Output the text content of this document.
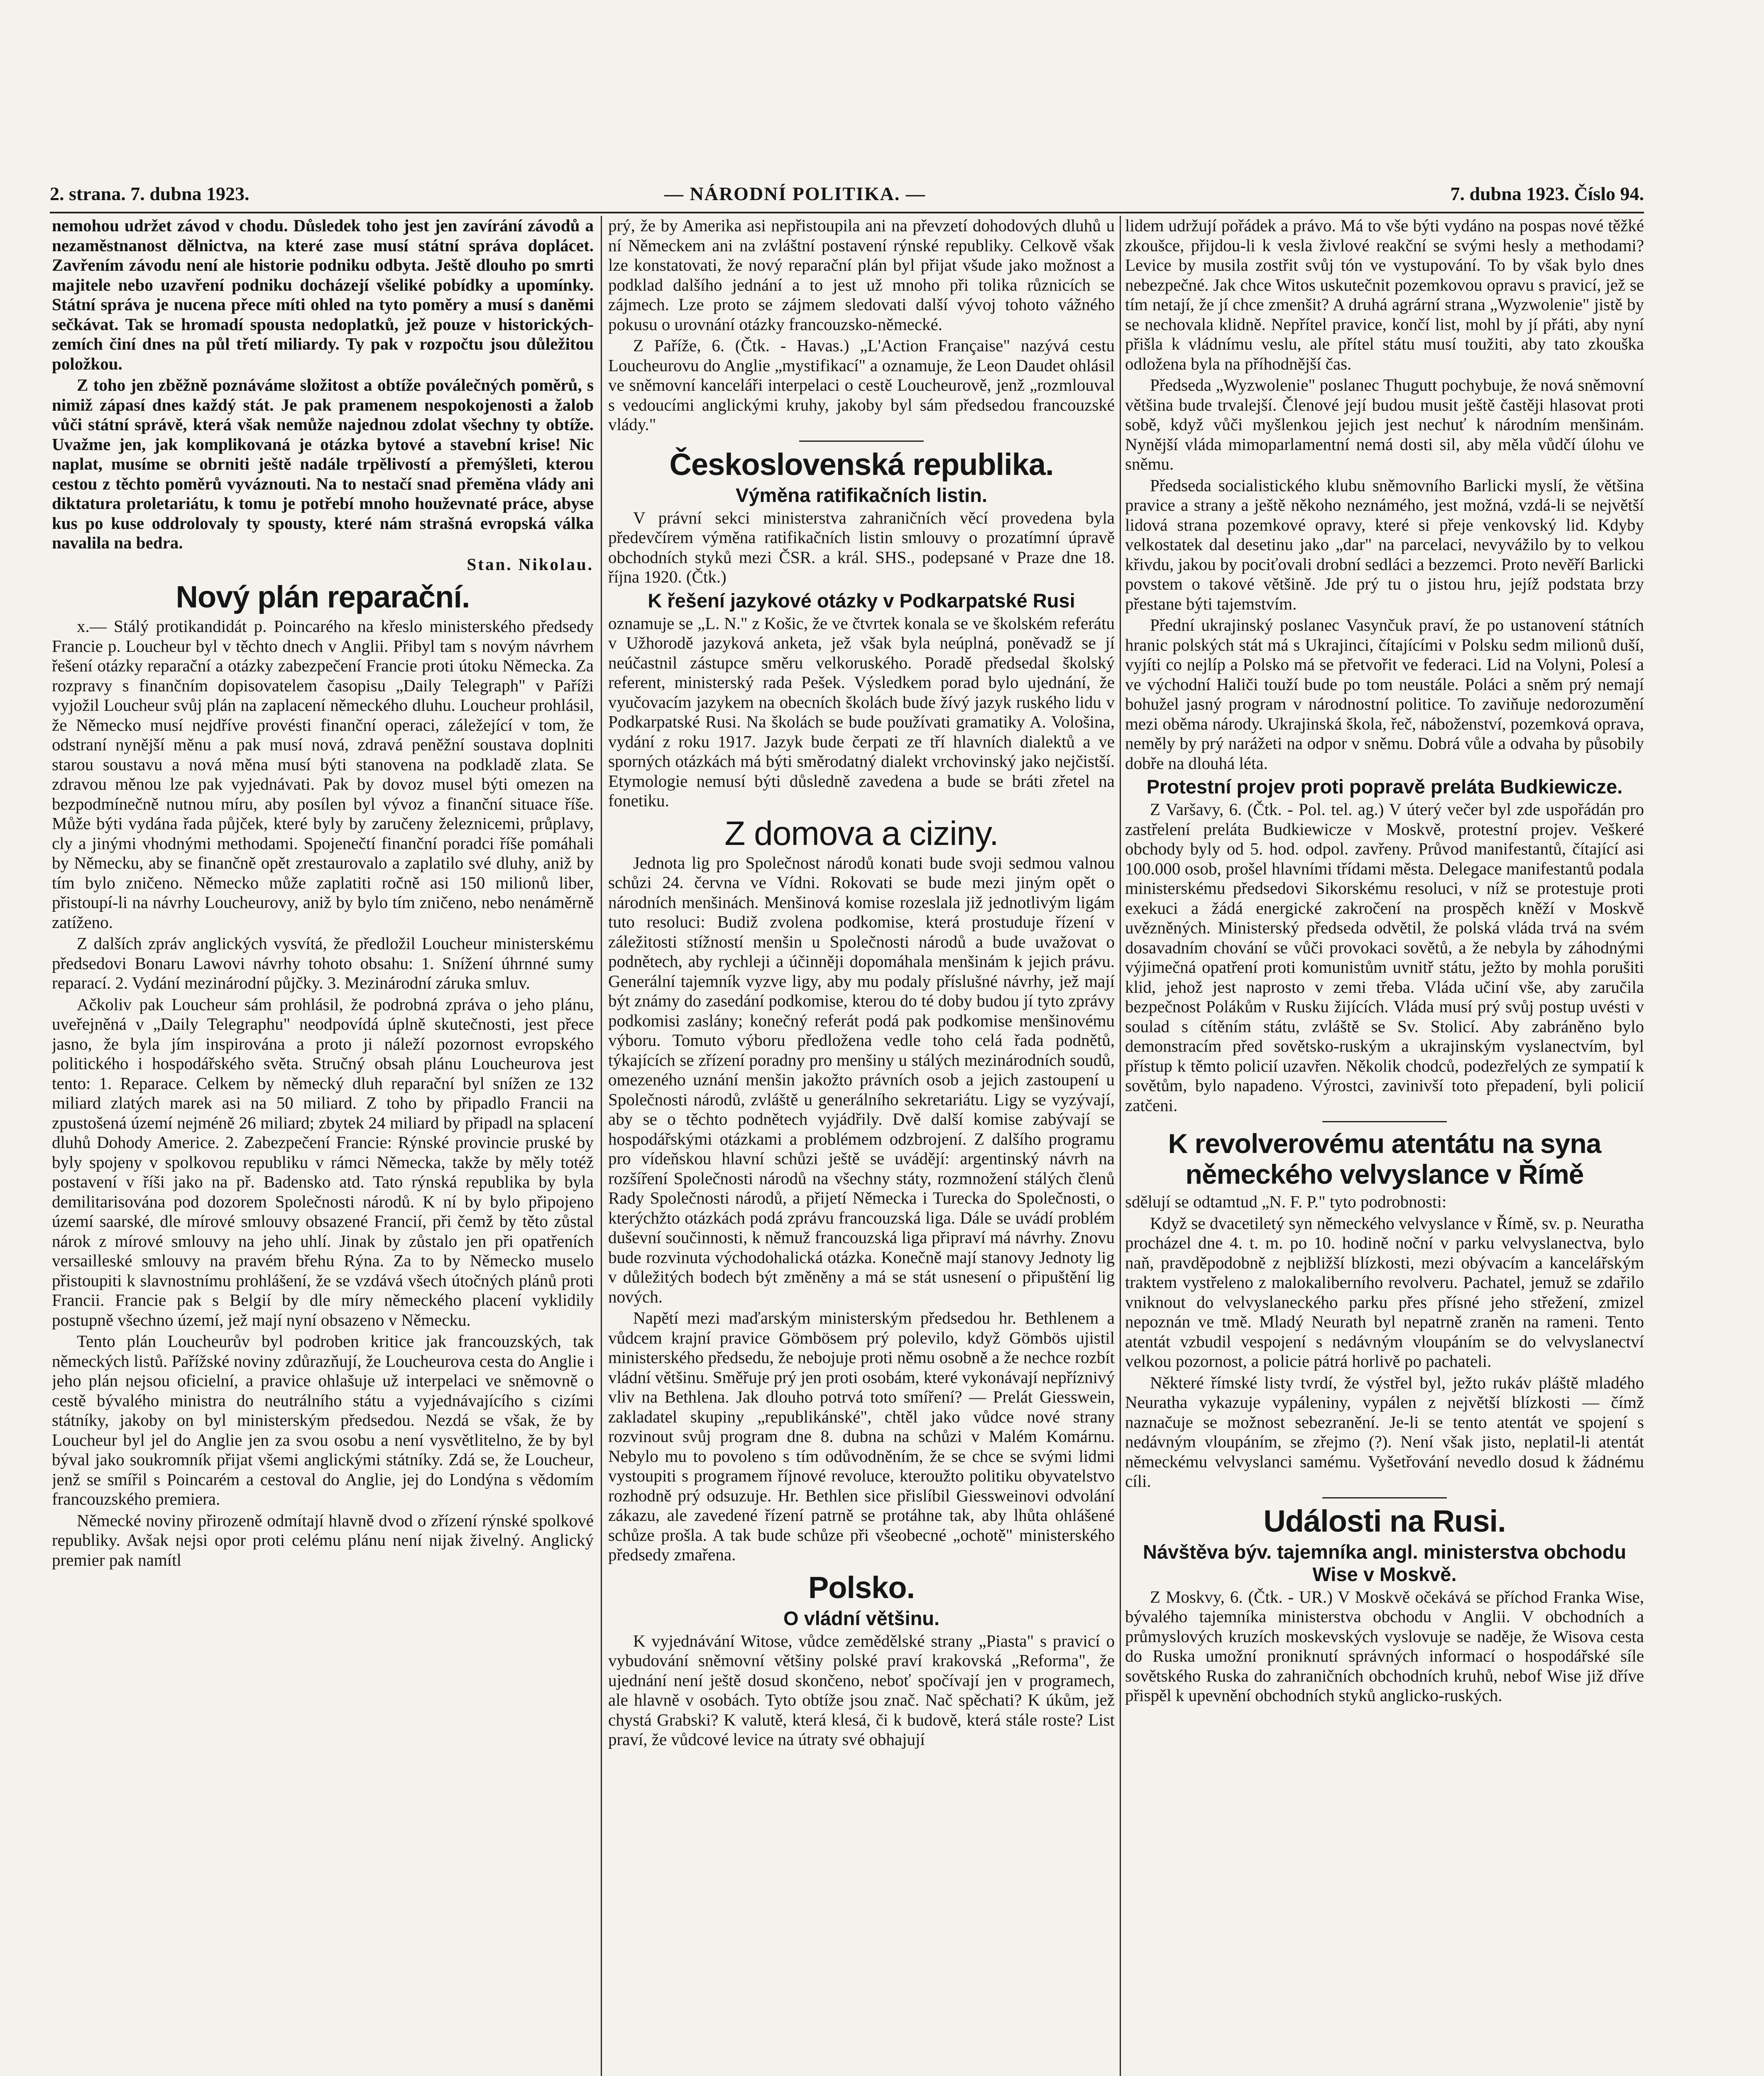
2. strana. 7. dubna 1923.	— NÁRODNÍ POLITIKA. —	7. dubna 1923. Číslo 94.

nemohou udržet závod v chodu. Důsledek toho jest jen zavírání závodů a nezaměstnanost dělnictva, na které zase musí státní správa doplácet. Zavřením závodu není ale historie podniku odbyta. Ještě dlouho po smrti majitele nebo uzavření podniku docházejí všeliké pobídky a upomínky. Státní správa je nucena přece míti ohled na tyto poměry a musí s daněmi sečkávat. Tak se hromadí spousta nedoplatků, jež pouze v historických-zemích činí dnes na půl třetí miliardy. Ty pak v rozpočtu jsou důležitou položkou.

Z toho jen zběžně poznáváme složitost a obtíže poválečných poměrů, s nimiž zápasí dnes každý stát. Je pak pramenem nespokojenosti a žalob vůči státní správě, která však nemůže najednou zdolat všechny ty obtíže. Uvažme jen, jak komplikovaná je otázka bytové a stavební krise! Nic naplat, musíme se obrniti ještě nadále trpělivostí a přemýšleti, kterou cestou z těchto poměrů vyváznouti. Na to nestačí snad přeměna vlády ani diktatura proletariátu, k tomu je potřebí mnoho houževnaté práce, abyse kus po kuse oddrolovaly ty spousty, které nám strašná evropská válka navalila na bedra.

Stan. Nikolau.
Nový plán reparační.

x.— Stálý protikandidát p. Poincarého na křeslo ministerského předsedy Francie p. Loucheur byl v těchto dnech v Anglii. Přibyl tam s novým návrhem řešení otázky reparační a otázky zabezpečení Francie proti útoku Německa. Za rozpravy s finančním dopisovatelem časopisu „Daily Telegraph" v Paříži vyjožil Loucheur svůj plán na zaplacení německého dluhu. Loucheur prohlásil, že Německo musí nejdříve provésti finanční operaci, záležející v tom, že odstraní nynější měnu a pak musí nová, zdravá peněžní soustava doplniti starou soustavu a nová měna musí býti stanovena na podkladě zlata. Se zdravou měnou lze pak vyjednávati. Pak by dovoz musel býti omezen na bezpodmínečně nutnou míru, aby posílen byl vývoz a finanční situace říše. Může býti vydána řada půjček, které byly by zaručeny železnicemi, průplavy, cly a jinými vhodnými methodami. Spojenečtí finanční poradci říše pomáhali by Německu, aby se finančně opět zrestaurovalo a zaplatilo své dluhy, aniž by tím bylo zničeno. Německo může zaplatiti ročně asi 150 milionů liber, přistoupí-li na návrhy Loucheurovy, aniž by bylo tím zničeno, nebo nenáměrně zatíženo.

Z dalších zpráv anglických vysvítá, že předložil Loucheur ministerskému předsedovi Bonaru Lawovi návrhy tohoto obsahu: 1. Snížení úhrnné sumy reparací. 2. Vydání mezinárodní půjčky. 3. Mezinárodní záruka smluv.

Ačkoliv pak Loucheur sám prohlásil, že podrobná zpráva o jeho plánu, uveřejněná v „Daily Telegraphu" neodpovídá úplně skutečnosti, jest přece jasno, že byla jím inspirována a proto ji náleží pozornost evropského politického i hospodářského světa. Stručný obsah plánu Loucheurova jest tento: 1. Reparace. Celkem by německý dluh reparační byl snížen ze 132 miliard zlatých marek asi na 50 miliard. Z toho by připadlo Francii na zpustošená území nejméně 26 miliard; zbytek 24 miliard by připadl na splacení dluhů Dohody Americe. 2. Zabezpečení Francie: Rýnské provincie pruské by byly spojeny v spolkovou republiku v rámci Německa, takže by měly totéž postavení v říši jako na př. Badensko atd. Tato rýnská republika by byla demilitarisována pod dozorem Společnosti národů. K ní by bylo připojeno území saarské, dle mírové smlouvy obsazené Francií, při čemž by těto zůstal nárok z mírové smlouvy na jeho uhlí. Jinak by zůstalo jen při opatřeních versailleské smlouvy na pravém břehu Rýna. Za to by Německo muselo přistoupiti k slavnostnímu prohlášení, že se vzdává všech útočných plánů proti Francii. Francie pak s Belgií by dle míry německého placení vyklidily postupně všechno území, jež mají nyní obsazeno v Německu.

Tento plán Loucheurův byl podroben kritice jak francouzských, tak německých listů. Pařížské noviny zdůrazňují, že Loucheurova cesta do Anglie i jeho plán nejsou oficielní, a pravice ohlašuje už interpelaci ve sněmovně o cestě bývalého ministra do neutrálního státu a vyjednávajícího s cizími státníky, jakoby on byl ministerským předsedou. Nezdá se však, že by Loucheur byl jel do Anglie jen za svou osobu a není vysvětlitelno, že by byl býval jako soukromník přijat všemi anglickými státníky. Zdá se, že Loucheur, jenž se smířil s Poincarém a cestoval do Anglie, jej do Londýna s vědomím francouzského premiera.

Německé noviny přirozeně odmítají hlavně dvod o zřízení rýnské spolkové republiky. Avšak nejsi opor proti celému plánu není nijak živelný. Anglický premier pak namítl

prý, že by Amerika asi nepřistoupila ani na převzetí dohodových dluhů u ní Německem ani na zvláštní postavení rýnské republiky. Celkově však lze konstatovati, že nový reparační plán byl přijat všude jako možnost a podklad dalšího jednání a to jest už mnoho při tolika různicích se zájmech. Lze proto se zájmem sledovati další vývoj tohoto vážného pokusu o urovnání otázky francouzsko-německé.

Z Paříže, 6. (Čtk. - Havas.) „L'Action Française" nazývá cestu Loucheurovu do Anglie „mystifikací" a oznamuje, že Leon Daudet ohlásil ve sněmovní kanceláři interpelaci o cestě Loucheurově, jenž „rozmlouval s vedoucími anglickými kruhy, jakoby byl sám předsedou francouzské vlády."

Československá republika.
Výměna ratifikačních listin.

V právní sekci ministerstva zahraničních věcí provedena byla předevčírem výměna ratifikačních listin smlouvy o prozatímní úpravě obchodních styků mezi ČSR. a král. SHS., podepsané v Praze dne 18. října 1920. (Čtk.)

K řešení jazykové otázky v Podkarpatské Rusi

oznamuje se „L. N." z Košic, že ve čtvrtek konala se ve školském referátu v Užhorodě jazyková anketa, jež však byla neúplná, poněvadž se jí neúčastnil zástupce směru velkoruského. Poradě předsedal školský referent, ministerský rada Pešek. Výsledkem porad bylo ujednání, že vyučovacím jazykem na obecních školách bude žívý jazyk ruského lidu v Podkarpatské Rusi. Na školách se bude používati gramatiky A. Vološina, vydání z roku 1917. Jazyk bude čerpati ze tří hlavních dialektů a ve sporných otázkách má býti směrodatný dialekt vrchovinský jako nejčistší. Etymologie nemusí býti důsledně zavedena a bude se bráti zřetel na fonetiku.

Z domova a ciziny.

Jednota lig pro Společnost národů konati bude svoji sedmou valnou schůzi 24. června ve Vídni. Rokovati se bude mezi jiným opět o národních menšinách. Menšinová komise rozeslala již jednotlivým ligám tuto resoluci: Budiž zvolena podkomise, která prostuduje řízení v záležitosti stížností menšin u Společnosti národů a bude uvažovat o podnětech, aby rychleji a účinněji dopomáhala menšinám k jejich právu. Generální tajemník vyzve ligy, aby mu podaly příslušné návrhy, jež mají být známy do zasedání podkomise, kterou do té doby budou jí tyto zprávy podkomisi zaslány; konečný referát podá pak podkomise menšinovému výboru. Tomuto výboru předložena vedle toho celá řada podnětů, týkajících se zřízení poradny pro menšiny u stálých mezinárodních soudů, omezeného uznání menšin jakožto právních osob a jejich zastoupení u Společnosti národů, zvláště u generálního sekretariátu. Ligy se vyzývají, aby se o těchto podnětech vyjádřily. Dvě další komise zabývají se hospodářskými otázkami a problémem odzbrojení. Z dalšího programu pro vídeňskou hlavní schůzi ještě se uvádějí: argentinský návrh na rozšíření Společnosti národů na všechny státy, rozmnožení stálých členů Rady Společnosti národů, a přijetí Německa i Turecka do Společnosti, o kterýchžto otázkách podá zprávu francouzská liga. Dále se uvádí problém duševní součinnosti, k němuž francouzská liga připraví má návrhy. Znovu bude rozvinuta východohalická otázka. Konečně mají stanovy Jednoty lig v důležitých bodech být změněny a má se stát usnesení o připuštění lig nových.

Napětí mezi maďarským ministerským předsedou hr. Bethlenem a vůdcem krajní pravice Gömbösem prý polevilo, když Gömbös ujistil ministerského předsedu, že nebojuje proti němu osobně a že nechce rozbít vládní většinu. Směřuje prý jen proti osobám, které vykonávají nepříznivý vliv na Bethlena. Jak dlouho potrvá toto smíření? — Prelát Giesswein, zakladatel skupiny „republikánské", chtěl jako vůdce nové strany rozvinout svůj program dne 8. dubna na schůzi v Malém Komárnu. Nebylo mu to povoleno s tím odůvodněním, že se chce se svými lidmi vystoupiti s programem říjnové revoluce, kteroužto politiku obyvatelstvo rozhodně prý odsuzuje. Hr. Bethlen sice přislíbil Giessweinovi odvolání zákazu, ale zavedené řízení patrně se protáhne tak, aby lhůta ohlášené schůze prošla. A tak bude schůze při všeobecné „ochotě" ministerského předsedy zmařena.

Polsko.
O vládní většinu.

K vyjednávání Witose, vůdce zemědělské strany „Piasta" s pravicí o vybudování sněmovní většiny polské praví krakovská „Reforma", že ujednání není ještě dosud skončeno, neboť spočívají jen v programech, ale hlavně v osobách. Tyto obtíže jsou znač. Nač spěchati? K úkům, jež chystá Grabski? K valutě, která klesá, či k budově, která stále roste? List praví, že vůdcové levice na útraty své obhajují

lidem udržují pořádek a právo. Má to vše býti vydáno na pospas nové těžké zkoušce, přijdou-li k vesla živlové reakční se svými hesly a methodami? Levice by musila zostřit svůj tón ve vystupování. To by však bylo dnes nebezpečné. Jak chce Witos uskutečnit pozemkovou opravu s pravicí, jež se tím netají, že jí chce zmenšit? A druhá agrární strana „Wyzwolenie" jistě by se nechovala klidně. Nepřítel pravice, končí list, mohl by jí přáti, aby nyní přišla k vládnímu veslu, ale přítel státu musí toužiti, aby tato zkouška odložena byla na příhodnější čas.

Předseda „Wyzwolenie" poslanec Thugutt pochybuje, že nová sněmovní většina bude trvalejší. Členové její budou musit ještě častěji hlasovat proti sobě, když vůči myšlenkou jejich jest nechuť k národním menšinám. Nynější vláda mimoparlamentní nemá dosti sil, aby měla vůdčí úlohu ve sněmu.

Předseda socialistického klubu sněmovního Barlicki myslí, že většina pravice a strany a ještě někoho neznámého, jest možná, vzdá-li se největší lidová strana pozemkové opravy, které si přeje venkovský lid. Kdyby velkostatek dal desetinu jako „dar" na parcelaci, nevyvážilo by to velkou křivdu, jakou by pociťovali drobní sedláci a bezzemci. Proto nevěří Barlicki povstem o takové většině. Jde prý tu o jistou hru, jejíž podstata brzy přestane býti tajemstvím.

Přední ukrajinský poslanec Vasynčuk praví, že po ustanovení státních hranic polských stát má s Ukrajinci, čítajícími v Polsku sedm milionů duší, vyjíti co nejlíp a Polsko má se přetvořit ve federaci. Lid na Volyni, Polesí a ve východní Haliči touží bude po tom neustále. Poláci a sněm prý nemají bohužel jasný program v národnostní politice. To zaviňuje nedorozumění mezi oběma národy. Ukrajinská škola, řeč, náboženství, pozemková oprava, neměly by prý narážeti na odpor v sněmu. Dobrá vůle a odvaha by působily dobře na dlouhá léta.

Protestní projev proti popravě preláta Budkiewicze.

Z Varšavy, 6. (Čtk. - Pol. tel. ag.) V úterý večer byl zde uspořádán pro zastřelení preláta Budkiewicze v Moskvě, protestní projev. Veškeré obchody byly od 5. hod. odpol. zavřeny. Průvod manifestantů, čítající asi 100.000 osob, prošel hlavními třídami města. Delegace manifestantů podala ministerskému předsedovi Sikorskému resoluci, v níž se protestuje proti exekuci a žádá energické zakročení na prospěch kněží v Moskvě uvězněných. Ministerský předseda odvětil, že polská vláda trvá na svém dosavadním chování se vůči provokaci sovětů, a že nebyla by záhodnými výjimečná opatření proti komunistům uvnitř státu, ježto by mohla porušiti klid, jehož jest naprosto v zemi třeba. Vláda učiní vše, aby zaručila bezpečnost Polákům v Rusku žijících. Vláda musí prý svůj postup uvésti v soulad s cítěním státu, zvláště se Sv. Stolicí. Aby zabráněno bylo demonstracím před sovětsko-ruským a ukrajinským vyslanectvím, byl přístup k těmto policií uzavřen. Několik chodců, podezřelých ze sympatií k sovětům, bylo napadeno. Výrostci, zavinivší toto přepadení, byli policií zatčeni.

K revolverovému atentátu na syna německého velvyslance v Římě

sdělují se odtamtud „N. F. P." tyto podrobnosti:

Když se dvacetiletý syn německého velvyslance v Římě, sv. p. Neuratha procházel dne 4. t. m. po 10. hodině noční v parku velvyslanectva, bylo naň, pravděpodobně z nejbližší blízkosti, mezi obývacím a kancelářským traktem vystřeleno z malokaliberního revolveru. Pachatel, jemuž se zdařilo vniknout do velvyslaneckého parku přes přísné jeho střežení, zmizel nepoznán ve tmě. Mladý Neurath byl nepatrně zraněn na rameni. Tento atentát vzbudil vespojení s nedávným vloupáním se do velvyslanectví velkou pozornost, a policie pátrá horlivě po pachateli.

Některé římské listy tvrdí, že výstřel byl, ježto rukáv pláště mladého Neuratha vykazuje vypáleniny, vypálen z největší blízkosti — čímž naznačuje se možnost sebezranění. Je-li se tento atentát ve spojení s nedávným vloupáním, se zřejmo (?). Není však jisto, neplatil-li atentát německému velvyslanci samému. Vyšetřování nevedlo dosud k žádnému cíli.

Události na Rusi.
Návštěva býv. tajemníka angl. ministerstva obchodu Wise v Moskvě.

Z Moskvy, 6. (Čtk. - UR.) V Moskvě očekává se příchod Franka Wise, bývalého tajemníka ministerstva obchodu v Anglii. V obchodních a průmyslových kruzích moskevských vyslovuje se naděje, že Wisova cesta do Ruska umožní proniknutí správných informací o hospodářské síle sovětského Ruska do zahraničních obchodních kruhů, nebof Wise již dříve přispěl k upevnění obchodních styků anglicko-ruských.
